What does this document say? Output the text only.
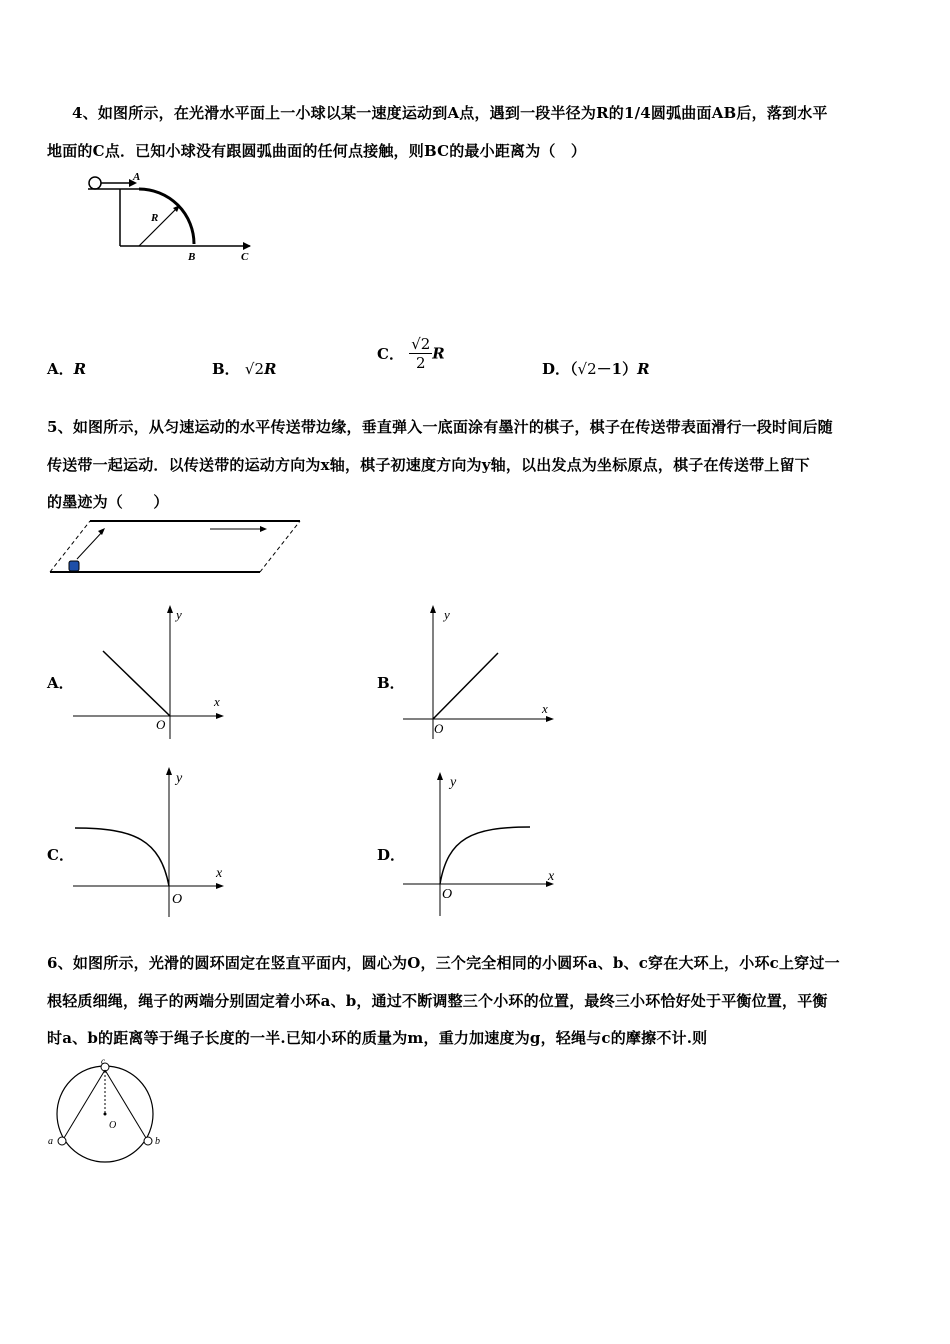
4、如图所示，在光滑水平面上一小球以某一速度运动到A点，遇到一段半径为R的1/4圆弧曲面AB后，落到水平
地面的C点．已知小球没有跟圆弧曲面的任何点接触，则BC的最小距离为（　）
A
R
B	C
A．R	B． √2R
C． $\frac{√2}{2}$ R
D．（√2－1）R
5、如图所示，从匀速运动的水平传送带边缘，垂直弹入一底面涂有墨汁的棋子，棋子在传送带表面滑行一段时间后随
传送带一起运动．以传送带的运动方向为x轴，棋子初速度方向为y轴，以出发点为坐标原点，棋子在传送带上留下
的墨迹为（　　）
A．
x
y
O
B．
x
y
O
C．
x
y
O
D．
x
y
O
6、如图所示，光滑的圆环固定在竖直平面内，圆心为O，三个完全相同的小圆环a、b、c穿在大环上，小环c上穿过一
根轻质细绳，绳子的两端分别固定着小环a、b，通过不断调整三个小环的位置，最终三小环恰好处于平衡位置，平衡
时a、b的距离等于绳子长度的一半.已知小环的质量为m，重力加速度为g，轻绳与c的摩擦不计.则
c
O
a	b
